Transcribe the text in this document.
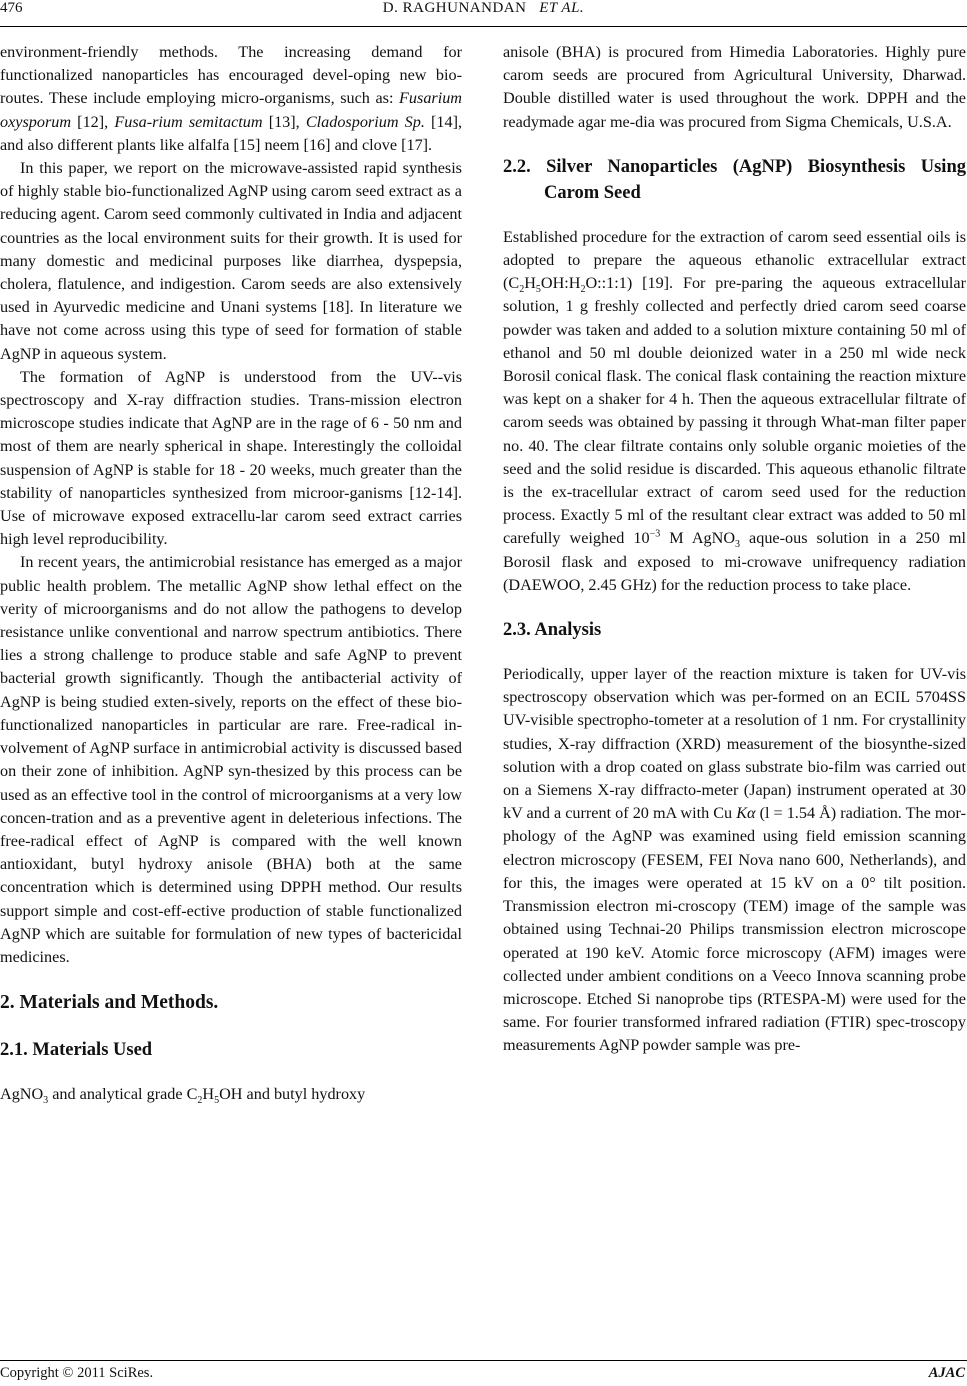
476	D. RAGHUNANDAN ET AL.

environment-friendly methods. The increasing demand for functionalized nanoparticles has encouraged devel-oping new bio-routes. These include employing micro-organisms, such as: Fusarium oxysporum [12], Fusa-rium semitactum [13], Cladosporium Sp. [14], and also different plants like alfalfa [15] neem [16] and clove [17].

In this paper, we report on the microwave-assisted rapid synthesis of highly stable bio-functionalized AgNP using carom seed extract as a reducing agent. Carom seed commonly cultivated in India and adjacent countries as the local environment suits for their growth. It is used for many domestic and medicinal purposes like diarrhea, dyspepsia, cholera, flatulence, and indigestion. Carom seeds are also extensively used in Ayurvedic medicine and Unani systems [18]. In literature we have not come across using this type of seed for formation of stable AgNP in aqueous system.

The formation of AgNP is understood from the UV--vis spectroscopy and X-ray diffraction studies. Trans-mission electron microscope studies indicate that AgNP are in the rage of 6 - 50 nm and most of them are nearly spherical in shape. Interestingly the colloidal suspension of AgNP is stable for 18 - 20 weeks, much greater than the stability of nanoparticles synthesized from microor-ganisms [12-14]. Use of microwave exposed extracellu-lar carom seed extract carries high level reproducibility.

In recent years, the antimicrobial resistance has emerged as a major public health problem. The metallic AgNP show lethal effect on the verity of microorganisms and do not allow the pathogens to develop resistance unlike conventional and narrow spectrum antibiotics. There lies a strong challenge to produce stable and safe AgNP to prevent bacterial growth significantly. Though the antibacterial activity of AgNP is being studied exten-sively, reports on the effect of these bio-functionalized nanoparticles in particular are rare. Free-radical in-volvement of AgNP surface in antimicrobial activity is discussed based on their zone of inhibition. AgNP syn-thesized by this process can be used as an effective tool in the control of microorganisms at a very low concen-tration and as a preventive agent in deleterious infections. The free-radical effect of AgNP is compared with the well known antioxidant, butyl hydroxy anisole (BHA) both at the same concentration which is determined using DPPH method. Our results support simple and cost-eff-ective production of stable functionalized AgNP which are suitable for formulation of new types of bactericidal medicines.

2. Materials and Methods.
2.1. Materials Used

AgNO$_3$ and analytical grade $C_2H_5OH$ and butyl hydroxy

anisole (BHA) is procured from Himedia Laboratories. Highly pure carom seeds are procured from Agricultural University, Dharwad. Double distilled water is used throughout the work. DPPH and the readymade agar me-dia was procured from Sigma Chemicals, U.S.A.

2.2. Silver Nanoparticles (AgNP) Biosynthesis Using Carom Seed

Established procedure for the extraction of carom seed essential oils is adopted to prepare the aqueous ethanolic extracellular extract $(C_2H_5OH:H_2O::1:1)$ [19]. For pre-paring the aqueous extracellular solution, 1 g freshly collected and perfectly dried carom seed coarse powder was taken and added to a solution mixture containing 50 ml of ethanol and 50 ml double deionized water in a 250 ml wide neck Borosil conical flask. The conical flask containing the reaction mixture was kept on a shaker for 4 h. Then the aqueous extracellular filtrate of carom seeds was obtained by passing it through What-man filter paper no. 40. The clear filtrate contains only soluble organic moieties of the seed and the solid residue is discarded. This aqueous ethanolic filtrate is the ex-tracellular extract of carom seed used for the reduction process. Exactly 5 ml of the resultant clear extract was added to 50 ml carefully weighed $10^{-3}$ M AgNO$_3$ aque-ous solution in a 250 ml Borosil flask and exposed to mi-crowave unifrequency radiation (DAEWOO, 2.45 GHz) for the reduction process to take place.

2.3. Analysis

Periodically, upper layer of the reaction mixture is taken for UV-vis spectroscopy observation which was per-formed on an ECIL 5704SS UV-visible spectropho-tometer at a resolution of 1 nm. For crystallinity studies, X-ray diffraction (XRD) measurement of the biosynthe-sized solution with a drop coated on glass substrate bio-film was carried out on a Siemens X-ray diffracto-meter (Japan) instrument operated at 30 kV and a current of 20 mA with Cu Kα (l = 1.54 Å) radiation. The mor-phology of the AgNP was examined using field emission scanning electron microscopy (FESEM, FEI Nova nano 600, Netherlands), and for this, the images were operated at 15 kV on a 0° tilt position. Transmission electron mi-croscopy (TEM) image of the sample was obtained using Technai-20 Philips transmission electron microscope operated at 190 keV. Atomic force microscopy (AFM) images were collected under ambient conditions on a Veeco Innova scanning probe microscope. Etched Si nanoprobe tips (RTESPA-M) were used for the same. For fourier transformed infrared radiation (FTIR) spec-troscopy measurements AgNP powder sample was pre-

Copyright © 2011 SciRes.	AJAC
